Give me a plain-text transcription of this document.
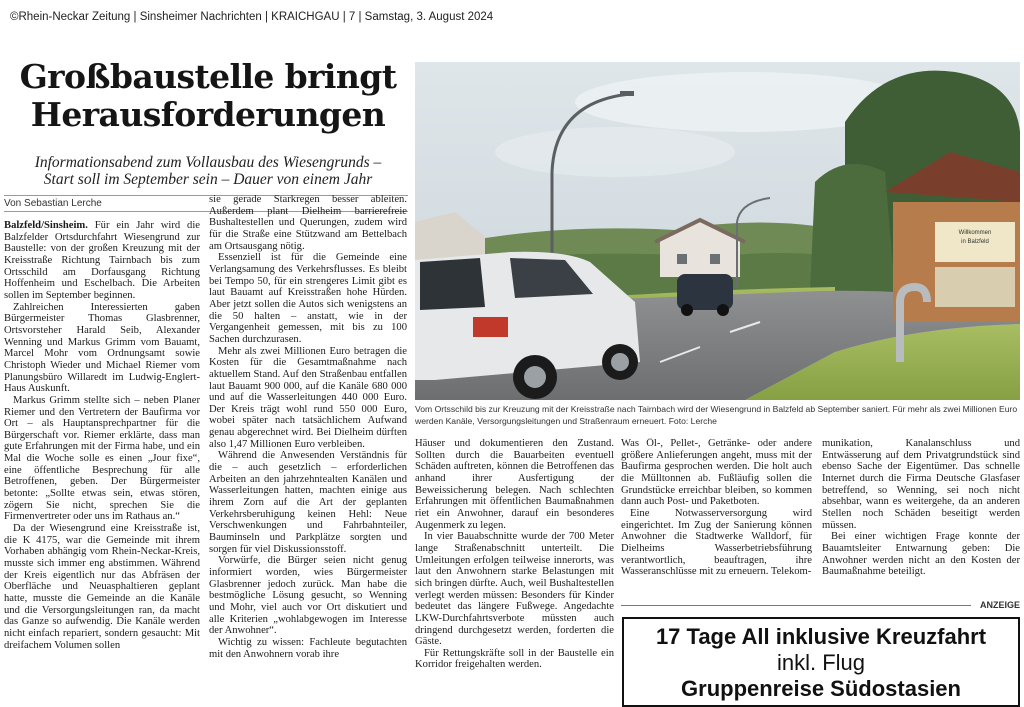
©Rhein-Neckar Zeitung | Sinsheimer Nachrichten | KRAICHGAU | 7 | Samstag, 3. August 2024
Großbaustelle bringt
Herausforderungen
Informationsabend zum Vollausbau des Wiesengrunds –
Start soll im September sein – Dauer von einem Jahr
Von Sebastian Lerche

Balzfeld/Sinsheim. Für ein Jahr wird die Balzfelder Ortsdurchfahrt Wiesengrund zur Baustelle: von der großen Kreuzung mit der Kreisstraße Richtung Tairnbach bis zum Ortsschild am Dorfausgang Richtung Hoffenheim und Eschelbach. Die Arbeiten sollen im September beginnen.

Zahlreichen Interessierten gaben Bürgermeister Thomas Glasbrenner, Ortsvorsteher Harald Seib, Alexander Wenning und Markus Grimm vom Bauamt, Marcel Mohr vom Ordnungsamt sowie Christoph Wieder und Michael Riemer vom Planungsbüro Willaredt im Ludwig-Englert-Haus Auskunft.

Markus Grimm stellte sich – neben Planer Riemer und den Vertretern der Baufirma vor Ort – als Hauptansprechpartner für die Bürgerschaft vor. Riemer erklärte, dass man gute Erfahrungen mit der Firma habe, und ein Mal die Woche solle es einen „Jour fixe“, eine öffentliche Besprechung für alle Betroffenen, geben. Der Bürgermeister betonte: „Sollte etwas sein, etwas stören, zögern Sie nicht, sprechen Sie die Firmenvertreter oder uns im Rathaus an.“

Da der Wiesengrund eine Kreisstraße ist, die K 4175, war die Gemeinde mit ihrem Vorhaben abhängig vom Rhein-Neckar-Kreis, musste sich immer eng abstimmen. Während der Kreis eigentlich nur das Abfräsen der Oberfläche und Neuasphaltieren geplant hatte, musste die Gemeinde an die Kanäle und die Versorgungsleitungen ran, da macht das Ganze so aufwendig. Die Kanäle werden nicht einfach repariert, sondern gesaucht: Mit dreifachem Volumen sollen

sie gerade Starkregen besser ableiten. Außerdem plant Dielheim barrierefreie Bushaltestellen und Querungen, zudem wird für die Straße eine Stützwand am Bettelbach am Ortsausgang nötig.

Essenziell ist für die Gemeinde eine Verlangsamung des Verkehrsflusses. Es bleibt bei Tempo 50, für ein strengeres Limit gibt es laut Bauamt auf Kreisstraßen hohe Hürden. Aber jetzt sollen die Autos sich wenigstens an die 50 halten – anstatt, wie in der Vergangenheit gemessen, mit bis zu 100 Sachen durchzurasen.

Mehr als zwei Millionen Euro betragen die Kosten für die Gesamtmaßnahme nach aktuellem Stand. Auf den Straßenbau entfallen laut Bauamt 900 000, auf die Kanäle 680 000 und auf die Wasserleitungen 440 000 Euro. Der Kreis trägt wohl rund 550 000 Euro, wobei später nach tatsächlichem Aufwand genau abgerechnet wird. Bei Dielheim dürften also 1,47 Millionen Euro verbleiben.

Während die Anwesenden Verständnis für die – auch gesetzlich – erforderlichen Arbeiten an den jahrzehntealten Kanälen und Wasserleitungen hatten, machten einige aus ihrem Zorn auf die Art der geplanten Verkehrsberuhigung keinen Hehl: Neue Verschwenkungen und Fahrbahnteiler, Bauminseln und Parkplätze sorgten und sorgen für viel Diskussionsstoff.

Vorwürfe, die Bürger seien nicht genug informiert worden, wies Bürgermeister Glasbrenner jedoch zurück. Man habe die bestmögliche Lösung gesucht, so Wenning und Mohr, viel auch vor Ort diskutiert und alle Kriterien „wohlabgewogen im Interesse der Anwohner“.

Wichtig zu wissen: Fachleute begutachten mit den Anwohnern vorab ihre

Willkommen
in Balzfeld
Vom Ortsschild bis zur Kreuzung mit der Kreisstraße nach Tairnbach wird der Wiesengrund in Balzfeld ab September saniert. Für mehr als zwei Millionen Euro werden Kanäle, Versorgungsleitungen und Straßenraum erneuert. Foto: Lerche

Häuser und dokumentieren den Zustand. Sollten durch die Bauarbeiten eventuell Schäden auftreten, können die Betroffenen das anhand ihrer Ausfertigung der Beweissicherung belegen. Nach schlechten Erfahrungen mit öffentlichen Baumaßnahmen riet ein Anwohner, darauf ein besonderes Augenmerk zu legen.

In vier Bauabschnitte wurde der 700 Meter lange Straßenabschnitt unterteilt. Die Umleitungen erfolgen teilweise innerorts, was laut den Anwohnern starke Belastungen mit sich bringen dürfte. Auch, weil Bushaltestellen verlegt werden müssen: Besonders für Kinder bedeutet das längere Fußwege. Angedachte LKW-Durchfahrtsverbote müssten auch dringend durchgesetzt werden, forderten die Gäste.

Für Rettungskräfte soll in der Baustelle ein Korridor freigehalten werden.

Was Öl-, Pellet-, Getränke- oder andere größere Anlieferungen angeht, muss mit der Baufirma gesprochen werden. Die holt auch die Mülltonnen ab. Fußläufig sollen die Grundstücke erreichbar bleiben, so kommen dann auch Post- und Paketboten.

Eine Notwasserversorgung wird eingerichtet. Im Zug der Sanierung können Anwohner die Stadtwerke Walldorf, für Dielheims Wasserbetriebsführung verantwortlich, beauftragen, ihre Wasseranschlüsse mit zu erneuern. Telekom-

munikation, Kanalanschluss und Entwässerung auf dem Privatgrundstück sind ebenso Sache der Eigentümer. Das schnelle Internet durch die Firma Deutsche Glasfaser betreffend, so Wenning, sei noch nicht absehbar, wann es weitergehe, da an anderen Stellen noch Schäden beseitigt werden müssen.

Bei einer wichtigen Frage konnte der Bauamtsleiter Entwarnung geben: Die Anwohner werden nicht an den Kosten der Baumaßnahme beteiligt.

ANZEIGE
17 Tage All inklusive Kreuzfahrt
inkl. Flug
Gruppenreise Südostasien
